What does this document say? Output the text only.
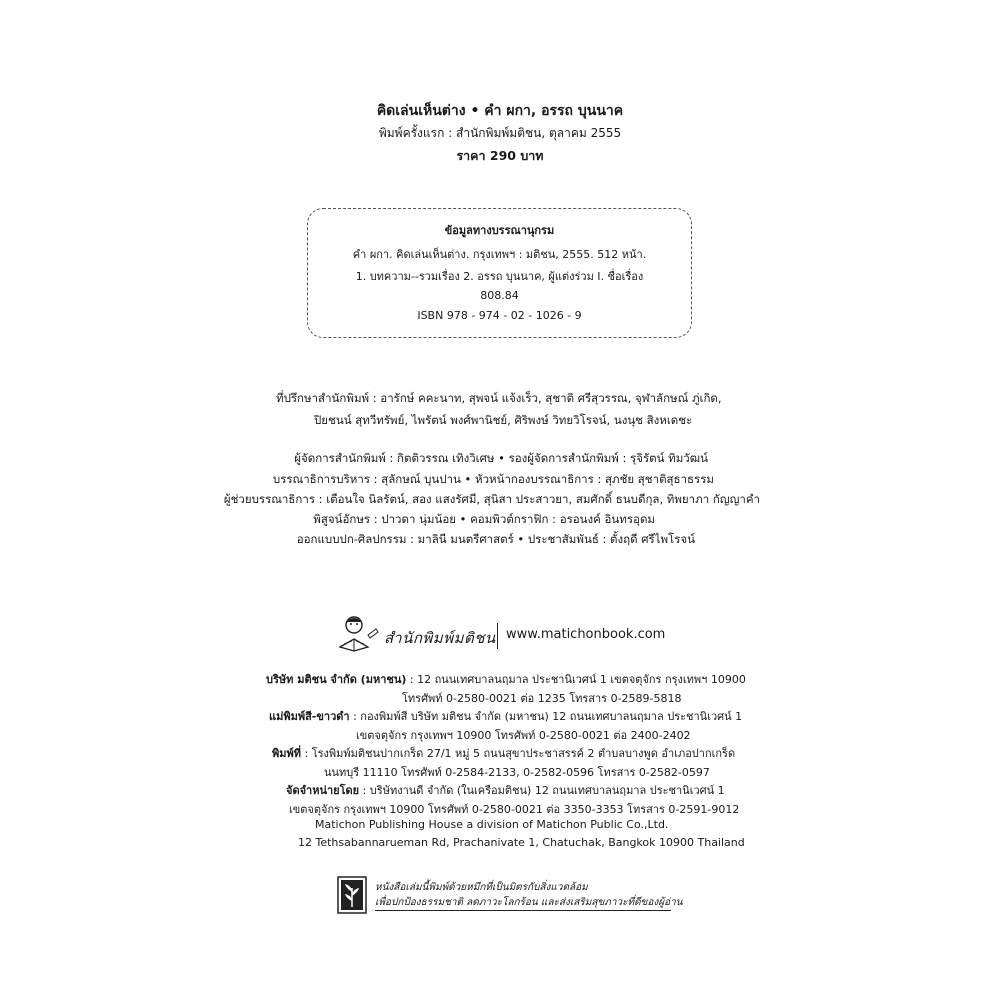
คิดเล่นเห็นต่าง • คำ ผกา, อรรถ บุนนาค
พิมพ์ครั้งแรก : สำนักพิมพ์มติชน, ตุลาคม 2555
ราคา 290 บาท
ข้อมูลทางบรรณานุกรม
คำ ผกา. คิดเล่นเห็นต่าง. กรุงเทพฯ : มติชน, 2555. 512 หน้า.
1. บทความ--รวมเรื่อง 2. อรรถ บุนนาค, ผู้แต่งร่วม I. ชื่อเรื่อง
808.84
ISBN 978 - 974 - 02 - 1026 - 9
ที่ปรึกษาสำนักพิมพ์ : อารักษ์ คคะนาท, สุพจน์ แจ้งเร็ว, สุชาติ ศรีสุวรรณ, จุฬาลักษณ์ ภู่เกิด,
ปิยชนน์ สุทวีทรัพย์, ไพรัตน์ พงศ์พานิชย์, ศิริพงษ์ วิทยวิโรจน์, นงนุช สิงหเดชะ
ผู้จัดการสำนักพิมพ์ : กิตติวรรณ เทิงวิเศษ • รองผู้จัดการสำนักพิมพ์ : รุจิรัตน์ ทิมวัฒน์
บรรณาธิการบริหาร : สุลักษณ์ บุนปาน • หัวหน้ากองบรรณาธิการ : สุภชัย สุชาติสุธาธรรม
ผู้ช่วยบรรณาธิการ : เตือนใจ นิลรัตน์, สอง แสงรัศมี, สุนิสา ประสาวยา, สมศักดิ์ ธนบดีกุล, ทิพยาภา กัญญาคำ
พิสูจน์อักษร : ปาวดา นุ่มน้อย • คอมพิวต์กราฟิก : อรอนงค์ อินทรอุดม
ออกแบบปก-ศิลปกรรม : มาลินี มนตรีศาสตร์ • ประชาสัมพันธ์ : ตั้งฤดี ศรีไพโรจน์
สำนักพิมพ์มติชน www.matichonbook.com
บริษัท มติชน จำกัด (มหาชน) : 12 ถนนเทศบาลนฤมาล ประชานิเวศน์ 1 เขตจตุจักร กรุงเทพฯ 10900
โทรศัพท์ 0-2580-0021 ต่อ 1235 โทรสาร 0-2589-5818
แม่พิมพ์สี-ขาวดำ : กองพิมพ์สี บริษัท มติชน จำกัด (มหาชน) 12 ถนนเทศบาลนฤมาล ประชานิเวศน์ 1
เขตจตุจักร กรุงเทพฯ 10900 โทรศัพท์ 0-2580-0021 ต่อ 2400-2402
พิมพ์ที่ : โรงพิมพ์มติชนปากเกร็ด 27/1 หมู่ 5 ถนนสุขาประชาสรรค์ 2 ตำบลบางพูด อำเภอปากเกร็ด
นนทบุรี 11110 โทรศัพท์ 0-2584-2133, 0-2582-0596 โทรสาร 0-2582-0597
จัดจำหน่ายโดย : บริษัทงานดี จำกัด (ในเครือมติชน) 12 ถนนเทศบาลนฤมาล ประชานิเวศน์ 1
เขตจตุจักร กรุงเทพฯ 10900 โทรศัพท์ 0-2580-0021 ต่อ 3350-3353 โทรสาร 0-2591-9012
Matichon Publishing House a division of Matichon Public Co.,Ltd.
12 Tethsabannarueman Rd, Prachanivate 1, Chatuchak, Bangkok 10900 Thailand
หนังสือเล่มนี้พิมพ์ด้วยหมึกที่เป็นมิตรกับสิ่งแวดล้อม
เพื่อปกป้องธรรมชาติ ลดภาวะโลกร้อน และส่งเสริมสุขภาวะที่ดีของผู้อ่าน
